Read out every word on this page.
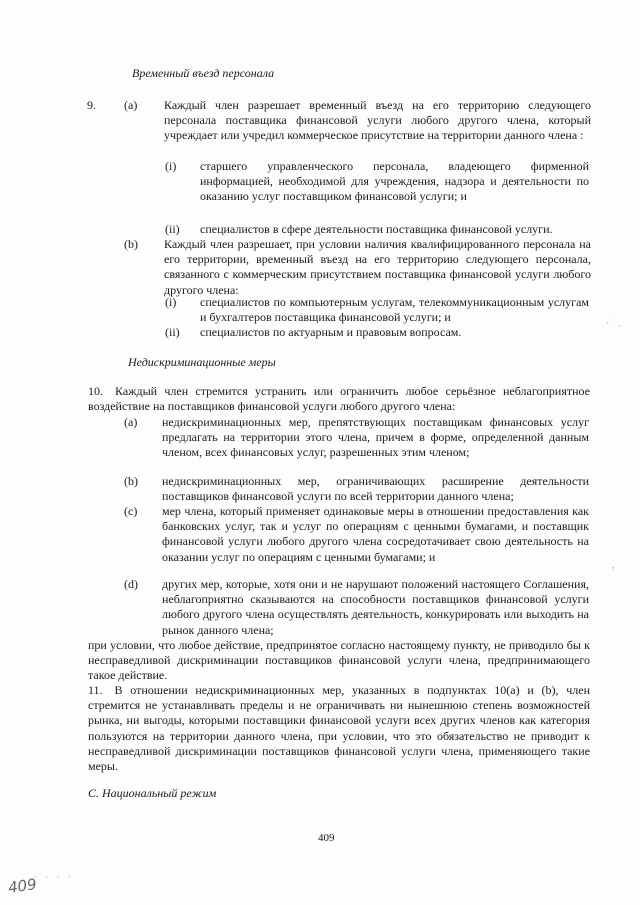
Временный въезд персонала
9. (a) Каждый член разрешает временный въезд на его территорию следующего персонала поставщика финансовой услуги любого другого члена, который учреждает или учредил коммерческое присутствие на территории данного члена :
(i) старшего управленческого персонала, владеющего фирменной информацией, необходимой для учреждения, надзора и деятельности по оказанию услуг поставщиком финансовой услуги; и
(ii) специалистов в сфере деятельности поставщика финансовой услуги.
(b) Каждый член разрешает, при условии наличия квалифицированного персонала на его территории, временный въезд на его территорию следующего персонала, связанного с коммерческим присутствием поставщика финансовой услуги любого другого члена:
(i) специалистов по компьютерным услугам, телекоммуникационным услугам и бухгалтеров поставщика финансовой услуги; и
(ii) специалистов по актуарным и правовым вопросам.
Недискриминационные меры
10. Каждый член стремится устранить или ограничить любое серьёзное неблагоприятное воздействие на поставщиков финансовой услуги любого другого члена:
(a) недискриминационных мер, препятствующих поставщикам финансовых услуг предлагать на территории этого члена, причем в форме, определенной данным членом, всех финансовых услуг, разрешенных этим членом;
(b) недискриминационных мер, ограничивающих расширение деятельности поставщиков финансовой услуги по всей территории данного члена;
(c) мер члена, который применяет одинаковые меры в отношении предоставления как банковских услуг, так и услуг по операциям с ценными бумагами, и поставщик финансовой услуги любого другого члена сосредотачивает свою деятельность на оказании услуг по операциям с ценными бумагами; и
(d) других мер, которые, хотя они и не нарушают положений настоящего Соглашения, неблагоприятно сказываются на способности поставщиков финансовой услуги любого другого члена осуществлять деятельность, конкурировать или выходить на рынок данного члена;
при условии, что любое действие, предпринятое согласно настоящему пункту, не приводило бы к несправедливой дискриминации поставщиков финансовой услуги члена, предпринимающего такое действие.
11. В отношении недискриминационных мер, указанных в подпунктах 10(a) и (b), член стремится не устанавливать пределы и не ограничивать ни нынешнюю степень возможностей рынка, ни выгоды, которыми поставщики финансовой услуги всех других членов как категория пользуются на территории данного члена, при условии, что это обязательство не приводит к несправедливой дискриминации поставщиков финансовой услуги члена, применяющего такие меры.
C. Национальный режим
409
409
· · · ·
·˙.
,
